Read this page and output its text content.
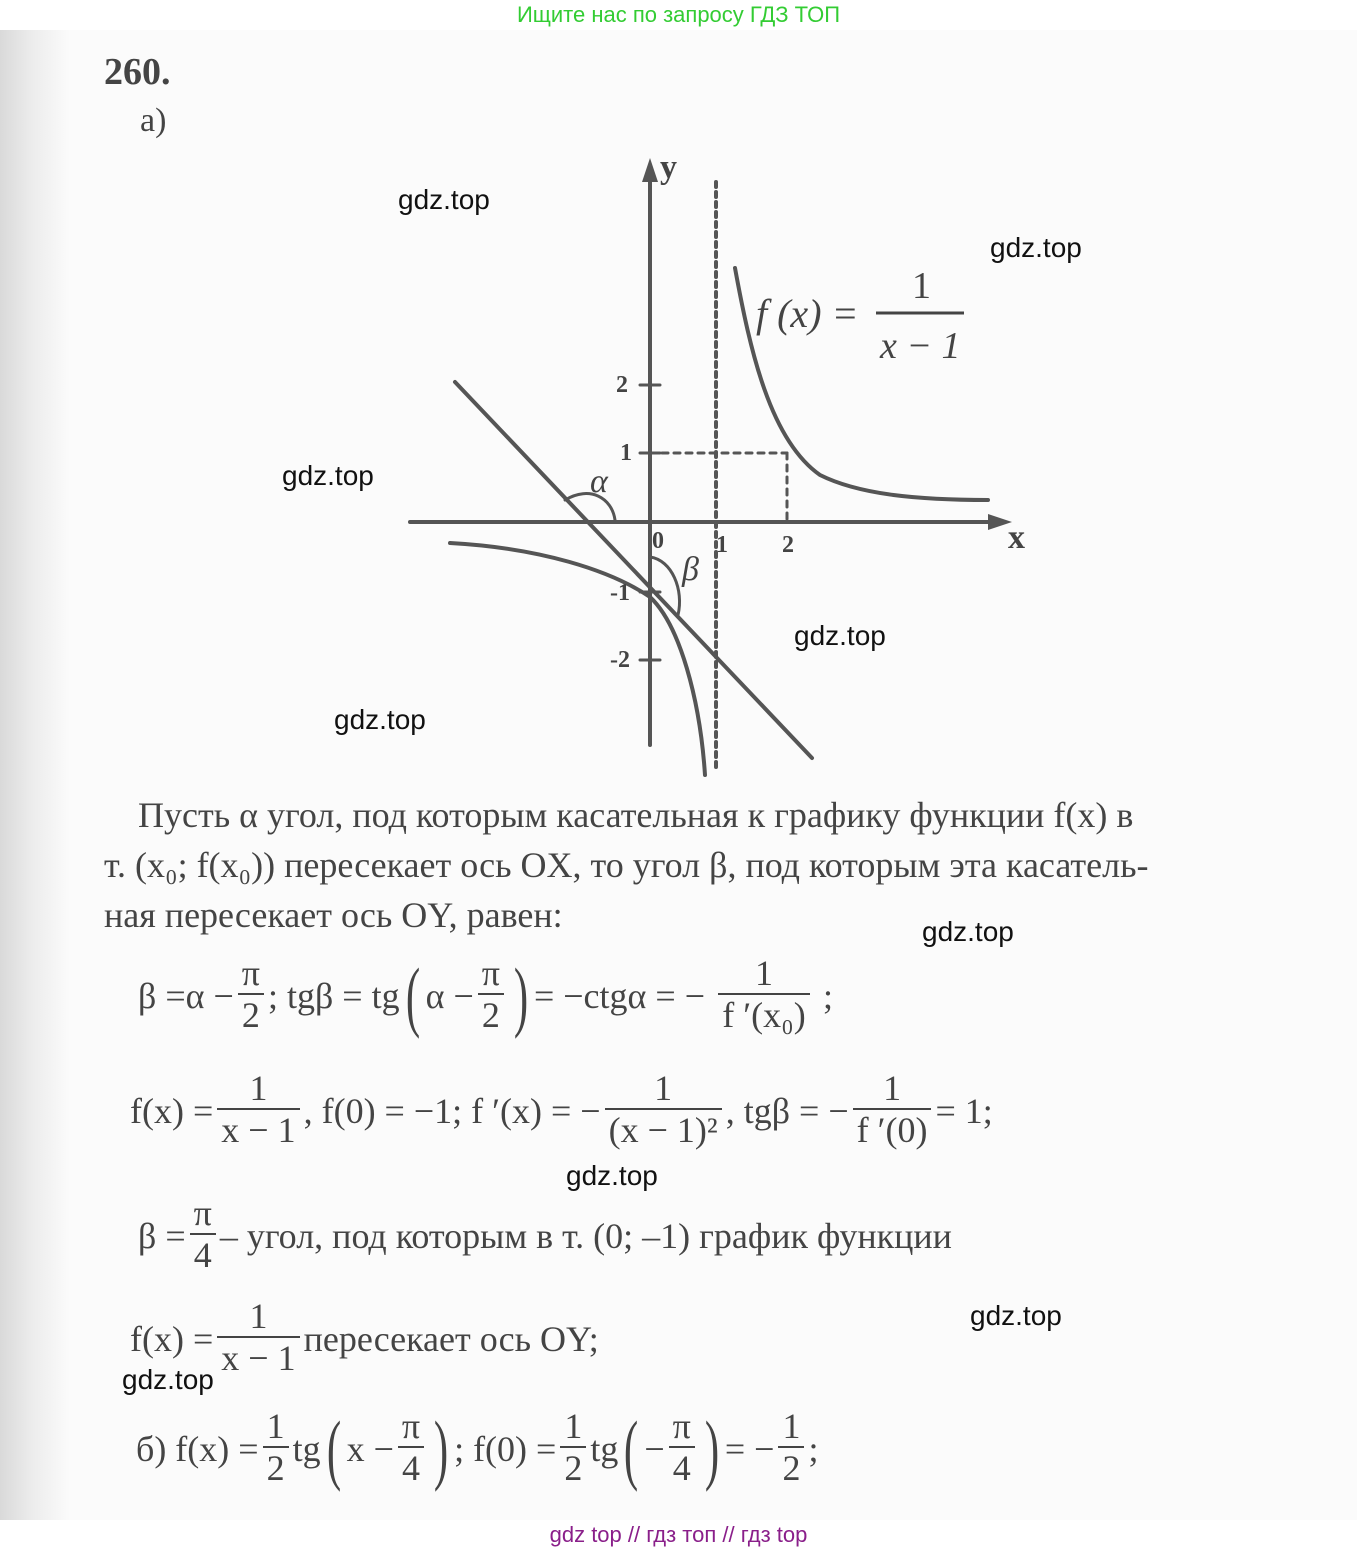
Ищите нас по запросу ГДЗ ТОП
260.
а)
y
x
0 1 2
2
1
-1
-2
α
β
f (x) =
1
x − 1
Пусть α угол, под которым касательная к графику функции f(x) в
т. (x₀; f(x₀)) пересекает ось OX, то угол β, под которым эта касатель-
ная пересекает ось OY, равен:
$\beta =\alpha - \frac{\pi}{2}$ ; tgβ = tg ( $\alpha - \frac{\pi}{2}$ ) = −ctgα = − $\frac{1}{\text{f ′(x₀)}}$ ;
$f(x) = \frac{1}{x - 1}$ , f(0) = −1; f ′(x) = − $\frac{1}{\text{(x − 1)²}}$ , tgβ = − $\frac{1}{f '(0)} = 1$;
$\beta = \frac{\pi}{4}$ – угол, под которым в т. (0; –1) график функции
$f(x) = \frac{1}{x - 1}$ пересекает ось OY;
б) $f(x) = \frac{1}{2}$ tg ( $x - \frac{\pi}{4}$ ) ; $f(0) = \frac{1}{2}$ tg ( − $\frac{\pi}{4}$ ) = − $\frac{1}{2}$ ;
gdz.top
gdz.top
gdz.top
gdz.top
gdz.top
gdz.top
gdz.top
gdz.top
gdz.top
gdz top // гдз топ // гдз top
